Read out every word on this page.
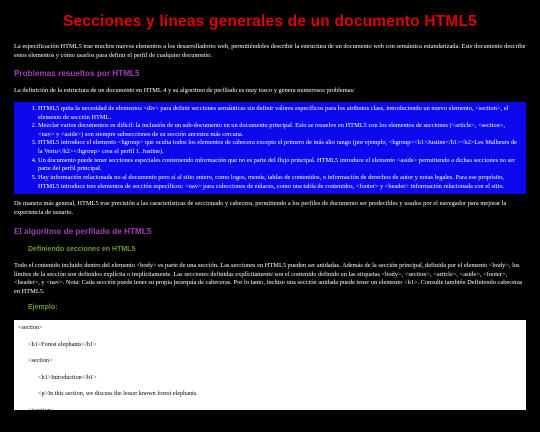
Secciones y líneas generales de un documento HTML5

La especificación HTML5 trae muchos nuevos elementos a los desarrolladores web, permitiéndoles describir la estructura de un documento web con semántica estandarizada. Este documento describe estos elementos y cómo usarlos para definir el perfil de cualquier documento.

Problemas resueltos por HTML5

La definición de la estructura de un documento en HTML 4 y su algoritmo de perfilado es muy tosco y genera numerosos problemas:

1. HTML5 quita la necesidad de elementos <div> para definir secciones semánticas sin definir valores específicos para los atributos class, introduciendo un nuevo elemento, <section>, el elemento de sección HTML.
2. Mezclar varios documentos es difícil: la inclusión de un sub-documento en un documento principal. Esto se resuelve en HTML5 con los elementos de secciones (<article>, <section>, <nav> y <aside>) son siempre subsecciones de su sección ancestra más cercana.
3. HTML5 introduce el elemento <hgroup> que oculta todos los elementos de cabecera excepto el primero de más alto rango (por ejemplo, <hgroup><h1>Justine</h1><h2>Les Malheurs de la Vertu</h2></hgroup> crea el perfil 1. Justine).
4. Un documento puede tener secciones especiales conteniendo información que no es parte del flujo principal. HTML5 introduce el elemento <aside> permitiendo a dichas secciones no ser parte del perfil principal.
5. Hay información relacionada no al documento pero sí al sitio entero, como logos, menús, tablas de contenidos, o información de derechos de autor y notas legales. Para ese propósito, HTML5 introduce tres elementos de sección específicos: <nav> para colecciones de enlaces, como una tabla de contenidos, <footer> y <header> información relacionada con el sitio.

De manera más general, HTML5 trae precisión a las características de seccionado y cabecera, permitiendo a los perfiles de documento ser predecibles y usados por el navegador para mejorar la experiencia de usuario.

El algoritmo de perfilado de HTML5
Definiendo secciones en HTML5

Todo el contenido incluido dentro del elemento <body> es parte de una sección. Las secciones en HTML5 pueden ser anidadas. Además de la sección principal, definida por el elemento <body>, los límites de la sección son definidos explícita o implícitamente. Las secciones definidas explícitamente son el contenido definido en las etiquetas <body>, <section>, <article>, <aside>, <footer>, <header>, y <nav>. Nota: Cada sección puede tener su propia jerarquía de cabeceras. Por lo tanto, incluso una sección anidada puede tener un elemento <h1>. Consulte también Definiendo cabeceras en HTML5.

Ejemplo:
<section>
<h1>Forest elephants</h1>
<section>
<h1>Introduction</h1>
<p>In this section, we discuss the lesser known forest elephants.
</section>
<section>
